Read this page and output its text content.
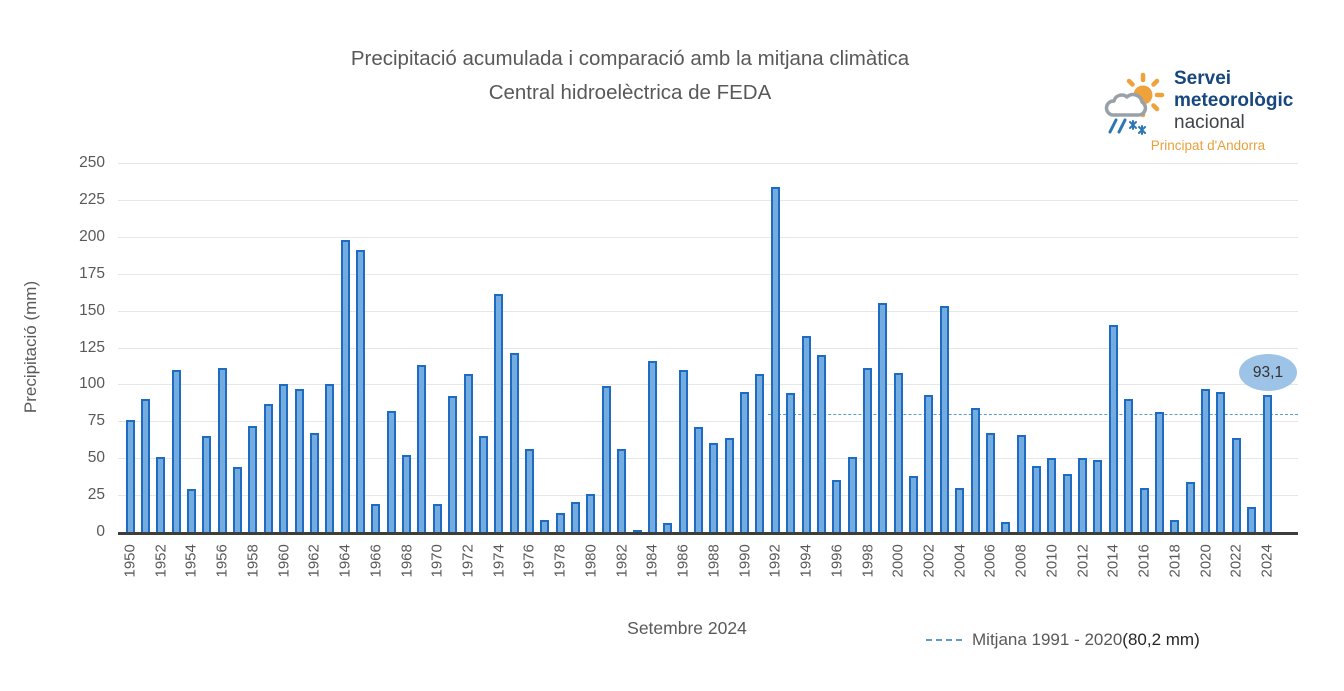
Precipitació acumulada i comparació amb la mitjana climàtica
Central hidroelèctrica de FEDA
Servei
meteorològic
nacional
Principat d'Andorra
Precipitació (mm)
0
25
50
75
100
125
150
175
200
225
250
1950 1952 1954 1956 1958 1960 1962 1964 1966 1968 1970 1972 1974 1976 1978 1980 1982 1984 1986 1988 1990 1992 1994 1996 1998 2000 2002 2004 2006 2008 2010 2012 2014 2016 2018 2020 2022 2024
93,1
Setembre 2024
Mitjana 1991 - 2020 (80,2 mm)
